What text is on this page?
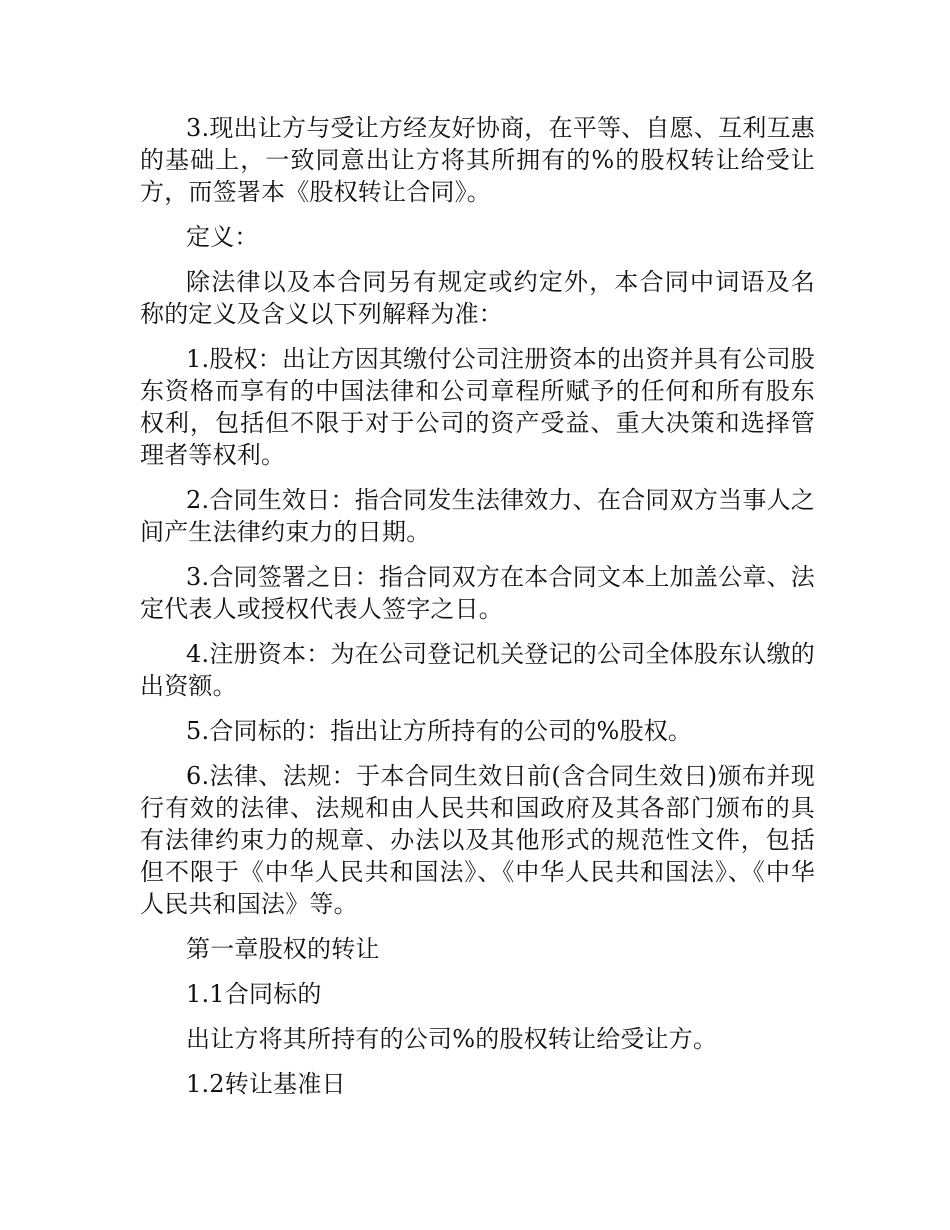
3.现出让方与受让方经友好协商，在平等、自愿、互利互惠的基础上，一致同意出让方将其所拥有的%的股权转让给受让方，而签署本《股权转让合同》。

定义：

除法律以及本合同另有规定或约定外，本合同中词语及名称的定义及含义以下列解释为准：

1.股权：出让方因其缴付公司注册资本的出资并具有公司股东资格而享有的中国法律和公司章程所赋予的任何和所有股东权利，包括但不限于对于公司的资产受益、重大决策和选择管理者等权利。

2.合同生效日：指合同发生法律效力、在合同双方当事人之间产生法律约束力的日期。

3.合同签署之日：指合同双方在本合同文本上加盖公章、法定代表人或授权代表人签字之日。

4.注册资本：为在公司登记机关登记的公司全体股东认缴的出资额。

5.合同标的：指出让方所持有的公司的%股权。

6.法律、法规：于本合同生效日前(含合同生效日)颁布并现行有效的法律、法规和由人民共和国政府及其各部门颁布的具有法律约束力的规章、办法以及其他形式的规范性文件，包括但不限于《中华人民共和国法》、《中华人民共和国法》、《中华人民共和国法》等。

第一章股权的转让

1.1合同标的

出让方将其所持有的公司%的股权转让给受让方。

1.2转让基准日
